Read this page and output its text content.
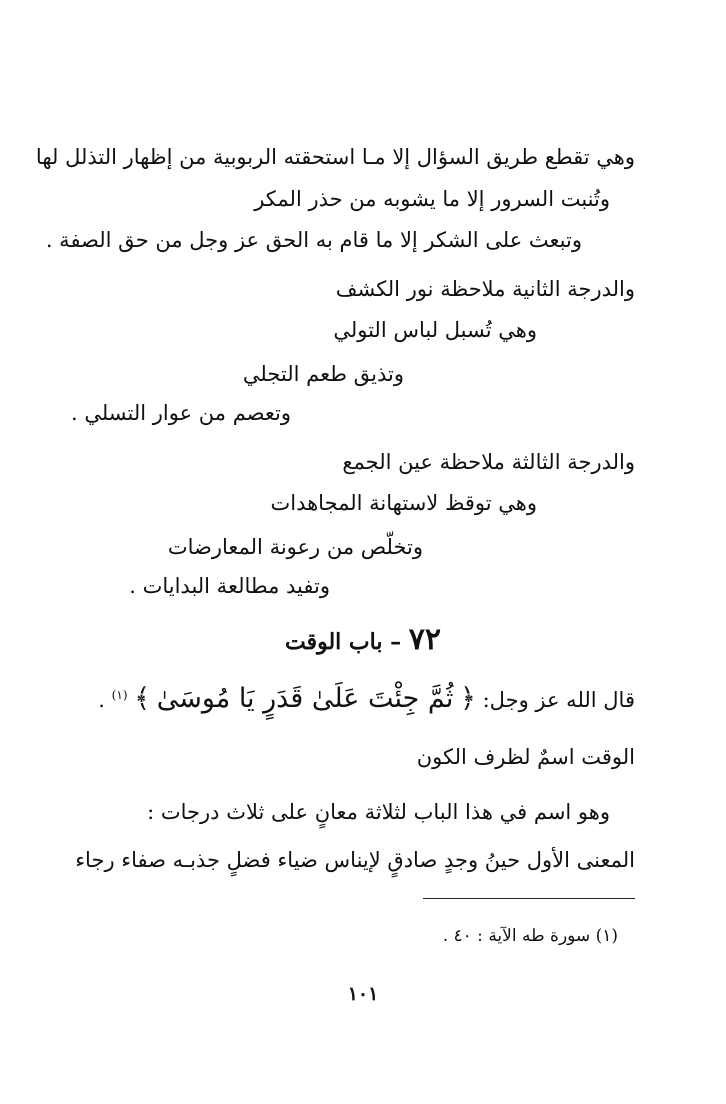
وهي تقطع طريق السؤال إلا مـا استحقته الربوبية من إظهار التذلل لها
وتُنبت السرور إلا ما يشوبه من حذر المكر
وتبعث على الشكر إلا ما قام به الحق عز وجل من حق الصفة .
والدرجة الثانية ملاحظة نور الكشف
وهي تُسبل لباس التولي
وتذيق طعم التجلي
وتعصم من عوار التسلي .
والدرجة الثالثة ملاحظة عين الجمع
وهي توقظ لاستهانة المجاهدات
وتخلّص من رعونة المعارضات
وتفيد مطالعة البدايات .
٧٢ – باب الوقت
قال الله عز وجل: ﴿ ثُمَّ جِئْتَ عَلَىٰ قَدَرٍ يَا مُوسَىٰ ﴾ $^{(١)}$ .
الوقت اسمٌ لظرف الكون
وهو اسم في هذا الباب لثلاثة معانٍ على ثلاث درجات :
المعنى الأول حينُ وجدٍ صادقٍ لإيناس ضياء فضلٍ جذبـه صفاء رجاء
(١) سورة طه الآية : ٤٠ .
١٠١
